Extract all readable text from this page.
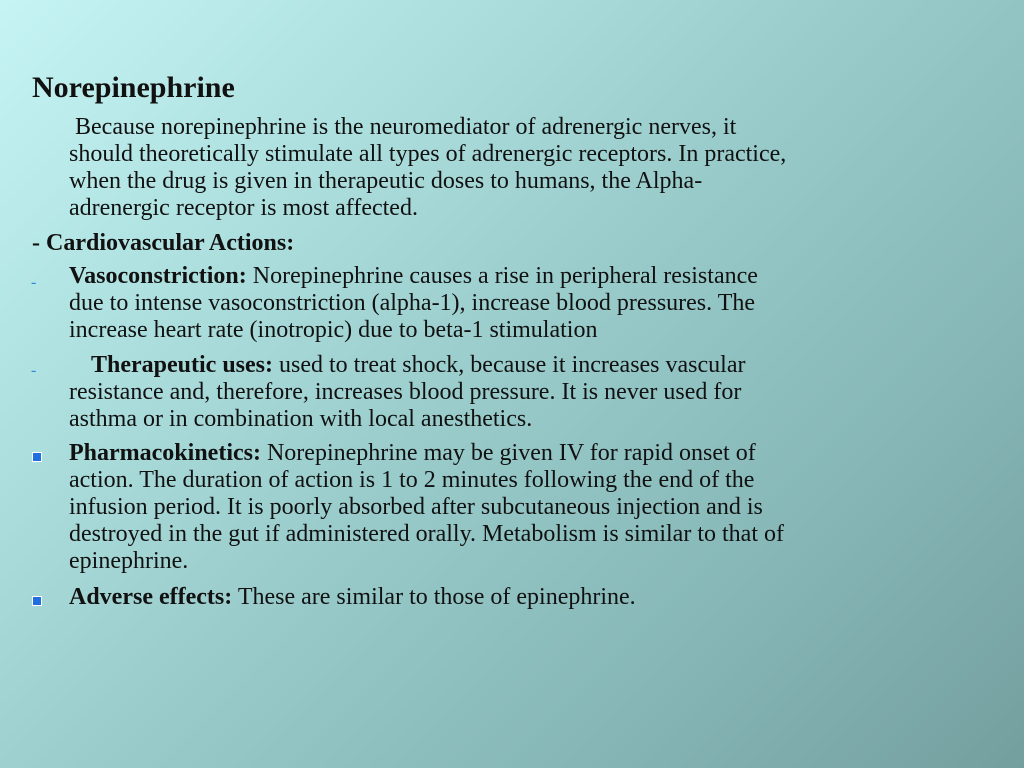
Norepinephrine
Because norepinephrine is the neuromediator of adrenergic nerves, it
should theoretically stimulate all types of adrenergic receptors. In practice,
when the drug is given in therapeutic doses to humans, the Alpha-
adrenergic receptor is most affected.
- Cardiovascular Actions:
- Vasoconstriction: Norepinephrine causes a rise in peripheral resistance
due to intense vasoconstriction (alpha-1), increase blood pressures. The
increase heart rate (inotropic) due to beta-1 stimulation
-	Therapeutic uses: used to treat shock, because it increases vascular
resistance and, therefore, increases blood pressure. It is never used for
asthma or in combination with local anesthetics.
Pharmacokinetics: Norepinephrine may be given IV for rapid onset of
action. The duration of action is 1 to 2 minutes following the end of the
infusion period. It is poorly absorbed after subcutaneous injection and is
destroyed in the gut if administered orally. Metabolism is similar to that of
epinephrine.
Adverse effects: These are similar to those of epinephrine.
